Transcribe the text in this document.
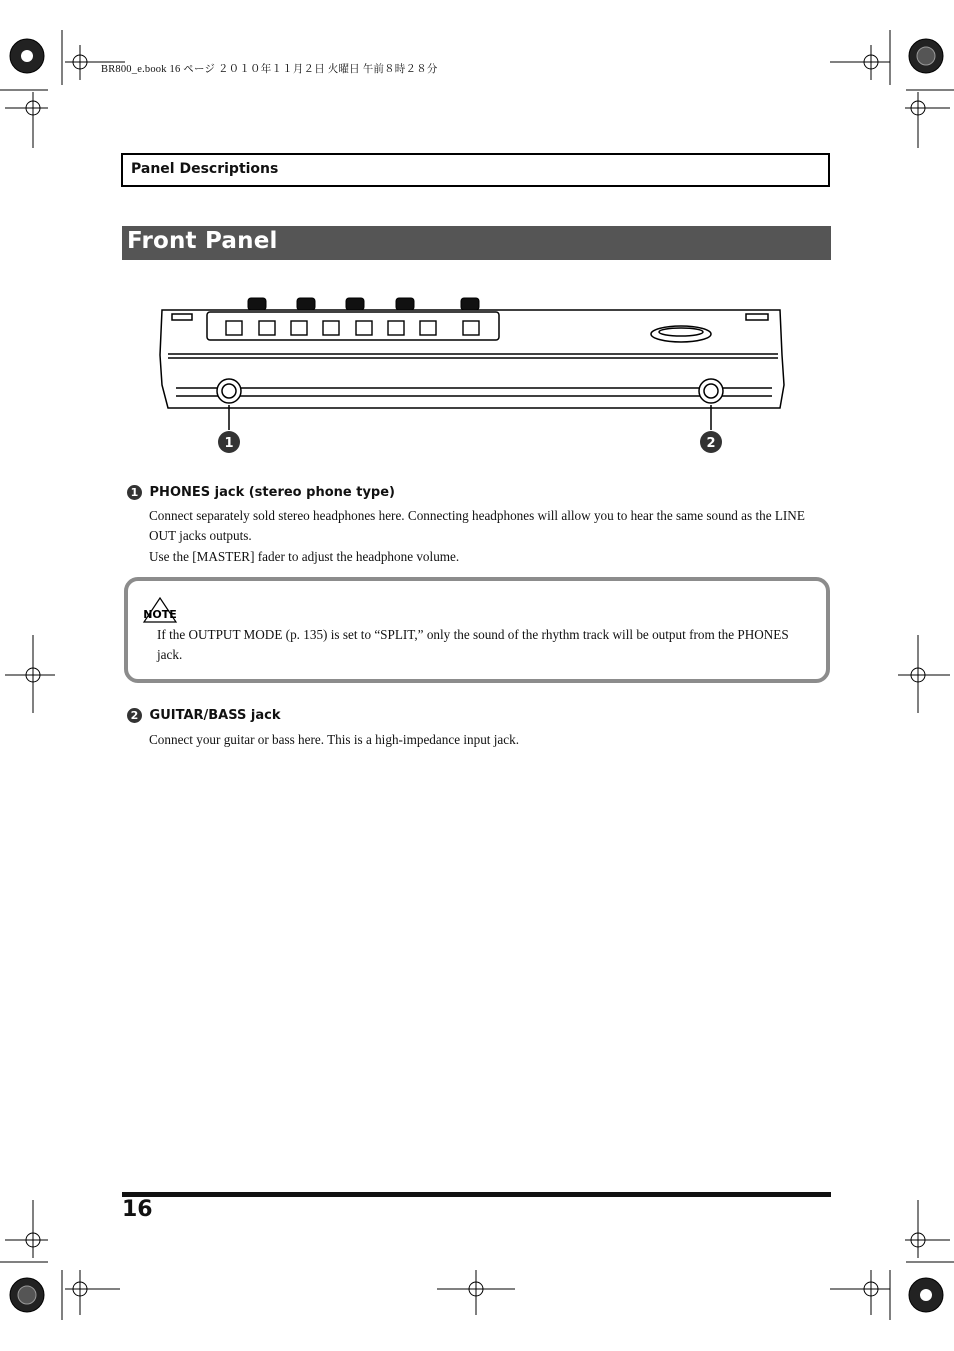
BR800_e.book 16 ページ ２０１０年１１月２日 火曜日 午前８時２８分
Panel Descriptions
Front Panel
1	2
1 PHONES jack (stereo phone type)
Connect separately sold stereo headphones here. Connecting headphones will allow you to hear the same sound as the LINE OUT jacks outputs.
Use the [MASTER] fader to adjust the headphone volume.
NOTE
If the OUTPUT MODE (p. 135) is set to “SPLIT,” only the sound of the rhythm track will be output from the PHONES jack.
2 GUITAR/BASS jack
Connect your guitar or bass here. This is a high-impedance input jack.
16
